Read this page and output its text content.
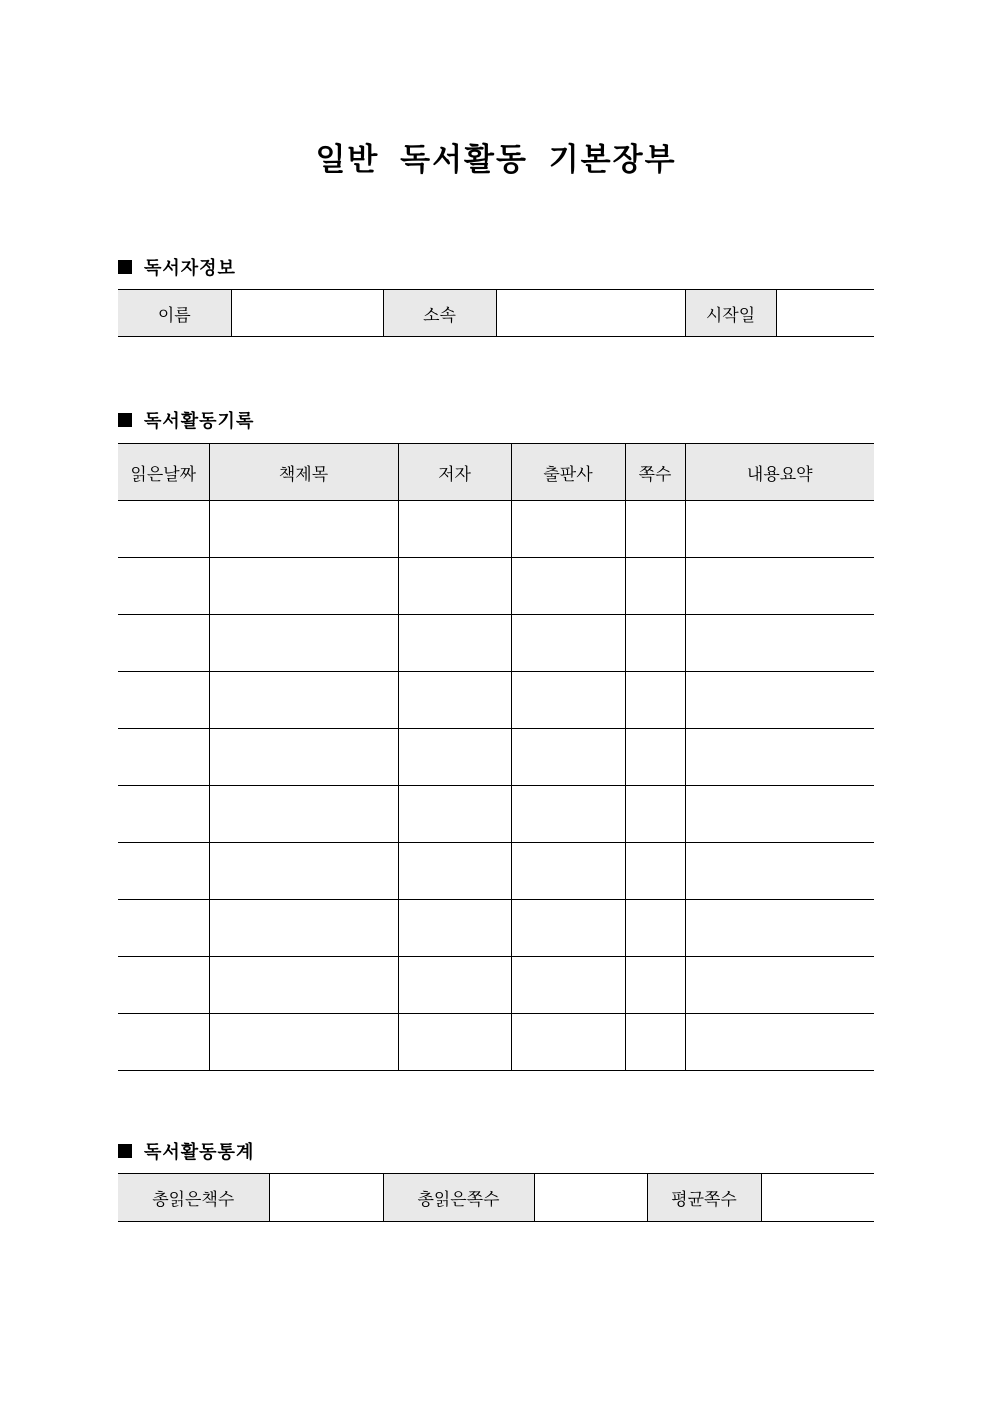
일반 독서활동 기본장부
독서자정보
이름		소속		시작일	
독서활동기록
읽은날짜	책제목	저자	출판사	쪽수	내용요약

독서활동통계
총읽은책수		총읽은쪽수		평균쪽수	
